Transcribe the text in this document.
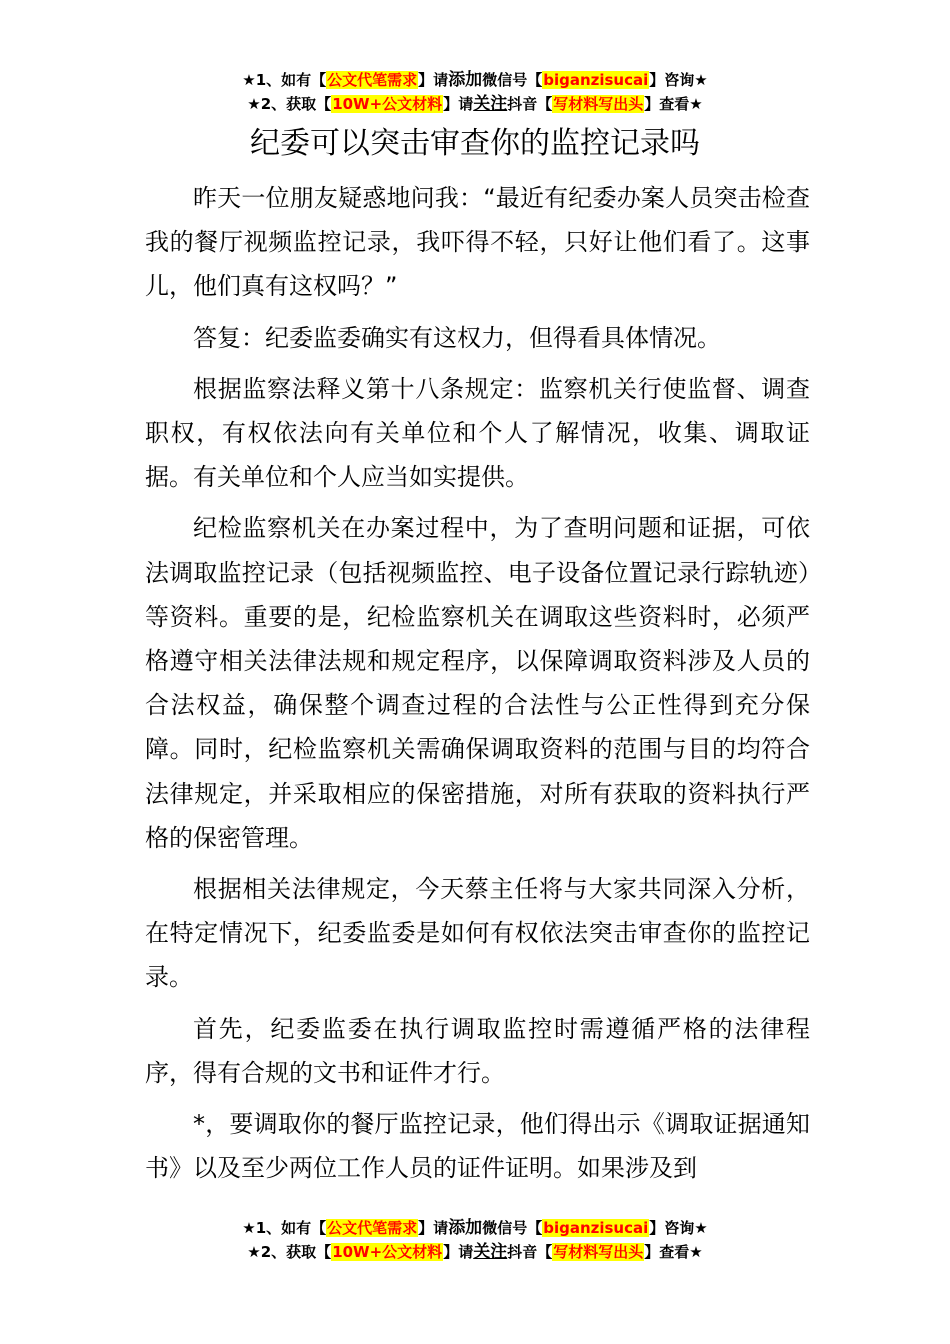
★1、如有【公文代笔需求】请添加微信号【biganzisucai】咨询★
★2、获取【10W+公文材料】请关注抖音【写材料写出头】查看★
纪委可以突击审查你的监控记录吗

昨天一位朋友疑惑地问我：“最近有纪委办案人员突击检查我的餐厅视频监控记录，我吓得不轻，只好让他们看了。这事儿，他们真有这权吗？”

答复：纪委监委确实有这权力，但得看具体情况。

根据监察法释义第十八条规定：监察机关行使监督、调查职权，有权依法向有关单位和个人了解情况，收集、调取证据。有关单位和个人应当如实提供。

纪检监察机关在办案过程中，为了查明问题和证据，可依法调取监控记录（包括视频监控、电子设备位置记录行踪轨迹）等资料。重要的是，纪检监察机关在调取这些资料时，必须严格遵守相关法律法规和规定程序，以保障调取资料涉及人员的合法权益，确保整个调查过程的合法性与公正性得到充分保障。同时，纪检监察机关需确保调取资料的范围与目的均符合法律规定，并采取相应的保密措施，对所有获取的资料执行严格的保密管理。

根据相关法律规定，今天蔡主任将与大家共同深入分析，在特定情况下，纪委监委是如何有权依法突击审查你的监控记录。

首先，纪委监委在执行调取监控时需遵循严格的法律程序，得有合规的文书和证件才行。

*，要调取你的餐厅监控记录，他们得出示《调取证据通知书》以及至少两位工作人员的证件证明。如果涉及到

★1、如有【公文代笔需求】请添加微信号【biganzisucai】咨询★
★2、获取【10W+公文材料】请关注抖音【写材料写出头】查看★
